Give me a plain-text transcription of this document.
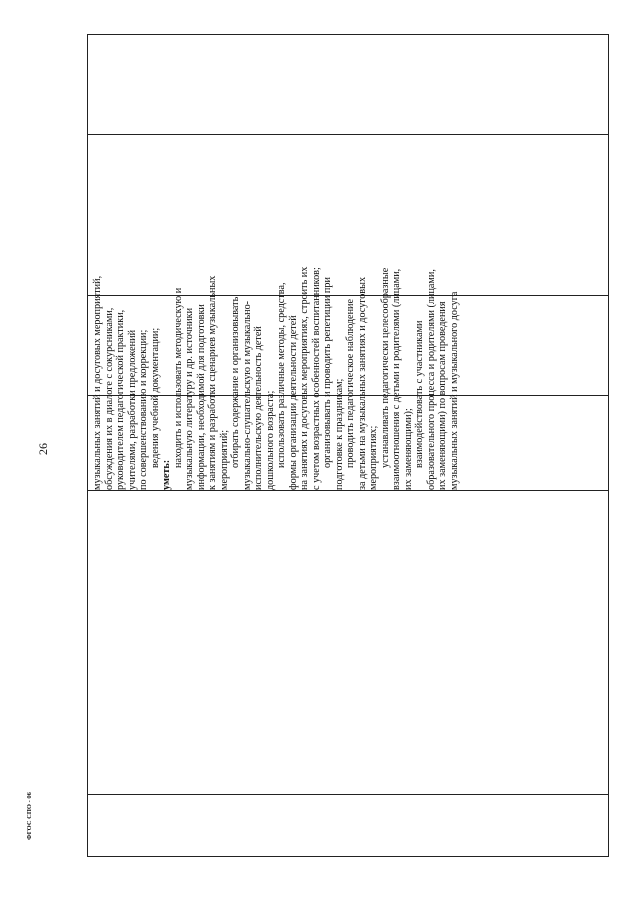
26	музыкальных занятий и досуговых мероприятий, обсуждения их в диалоге с сокурсниками, руководителем педагогической практики, учителями, разработки предложений по совершенствованию и коррекции; ведения учебной документации;
уметь:
находить и использовать методическую и музыкальную литературу и др. источники информации, необходимой для подготовки к занятиям и разработки сценариев музыкальных мероприятий; отбирать содержание и организовывать музыкально-слушательскую и музыкально- исполнительскую деятельность детей дошкольного возраста; использовать различные методы, средства, формы организации деятельности детей на занятиях и досуговых мероприятиях, строить их с учетом возрастных особенностей воспитанников; организовывать и проводить репетиции при подготовке к праздникам; проводить педагогическое наблюдение за детьми на музыкальных занятиях и досуговых мероприятиях; устанавливать педагогически целесообразные взаимоотношения с детьми и родителями (лицами, их заменяющими); взаимодействовать с участниками образовательного процесса и родителями (лицами, их заменяющими) по вопросам проведения музыкальных занятий и музыкального досуга
ФГОС СПО - 06
